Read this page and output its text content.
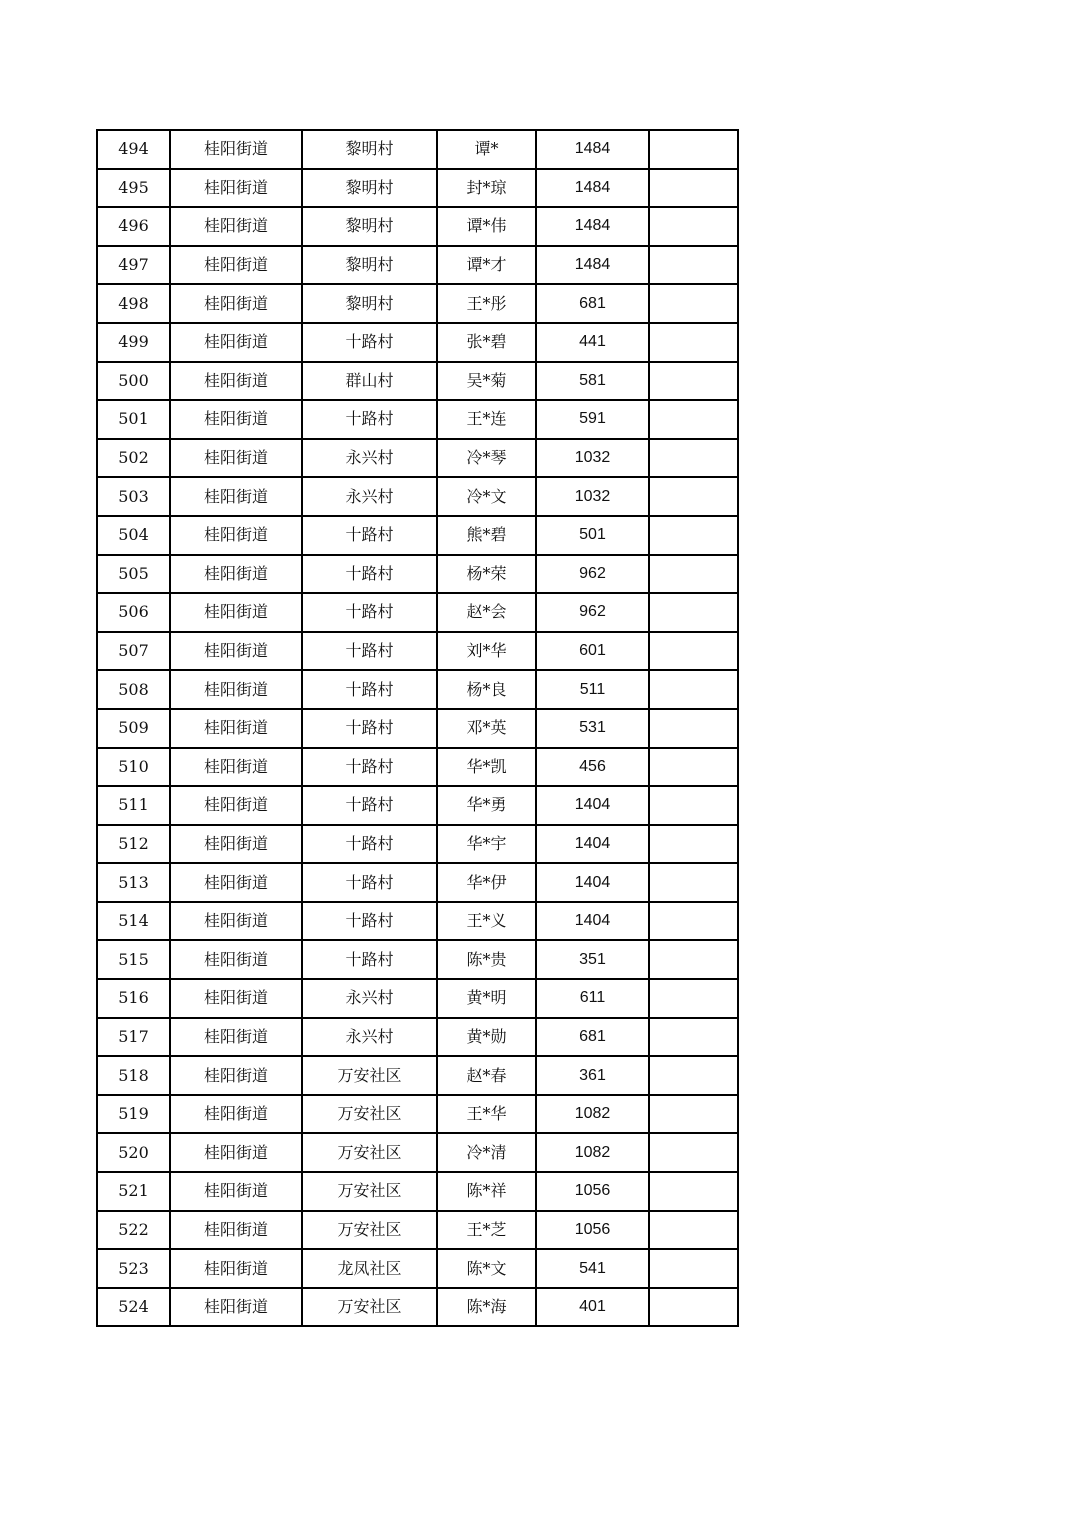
494	桂阳街道	黎明村	谭*	1484	
495	桂阳街道	黎明村	封*琼	1484	
496	桂阳街道	黎明村	谭*伟	1484	
497	桂阳街道	黎明村	谭*才	1484	
498	桂阳街道	黎明村	王*彤	681	
499	桂阳街道	十路村	张*碧	441	
500	桂阳街道	群山村	吴*菊	581	
501	桂阳街道	十路村	王*连	591	
502	桂阳街道	永兴村	冷*琴	1032	
503	桂阳街道	永兴村	冷*文	1032	
504	桂阳街道	十路村	熊*碧	501	
505	桂阳街道	十路村	杨*荣	962	
506	桂阳街道	十路村	赵*会	962	
507	桂阳街道	十路村	刘*华	601	
508	桂阳街道	十路村	杨*良	511	
509	桂阳街道	十路村	邓*英	531	
510	桂阳街道	十路村	华*凯	456	
511	桂阳街道	十路村	华*勇	1404	
512	桂阳街道	十路村	华*宇	1404	
513	桂阳街道	十路村	华*伊	1404	
514	桂阳街道	十路村	王*义	1404	
515	桂阳街道	十路村	陈*贵	351	
516	桂阳街道	永兴村	黄*明	611	
517	桂阳街道	永兴村	黄*勋	681	
518	桂阳街道	万安社区	赵*春	361	
519	桂阳街道	万安社区	王*华	1082	
520	桂阳街道	万安社区	冷*清	1082	
521	桂阳街道	万安社区	陈*祥	1056	
522	桂阳街道	万安社区	王*芝	1056	
523	桂阳街道	龙凤社区	陈*文	541	
524	桂阳街道	万安社区	陈*海	401	
